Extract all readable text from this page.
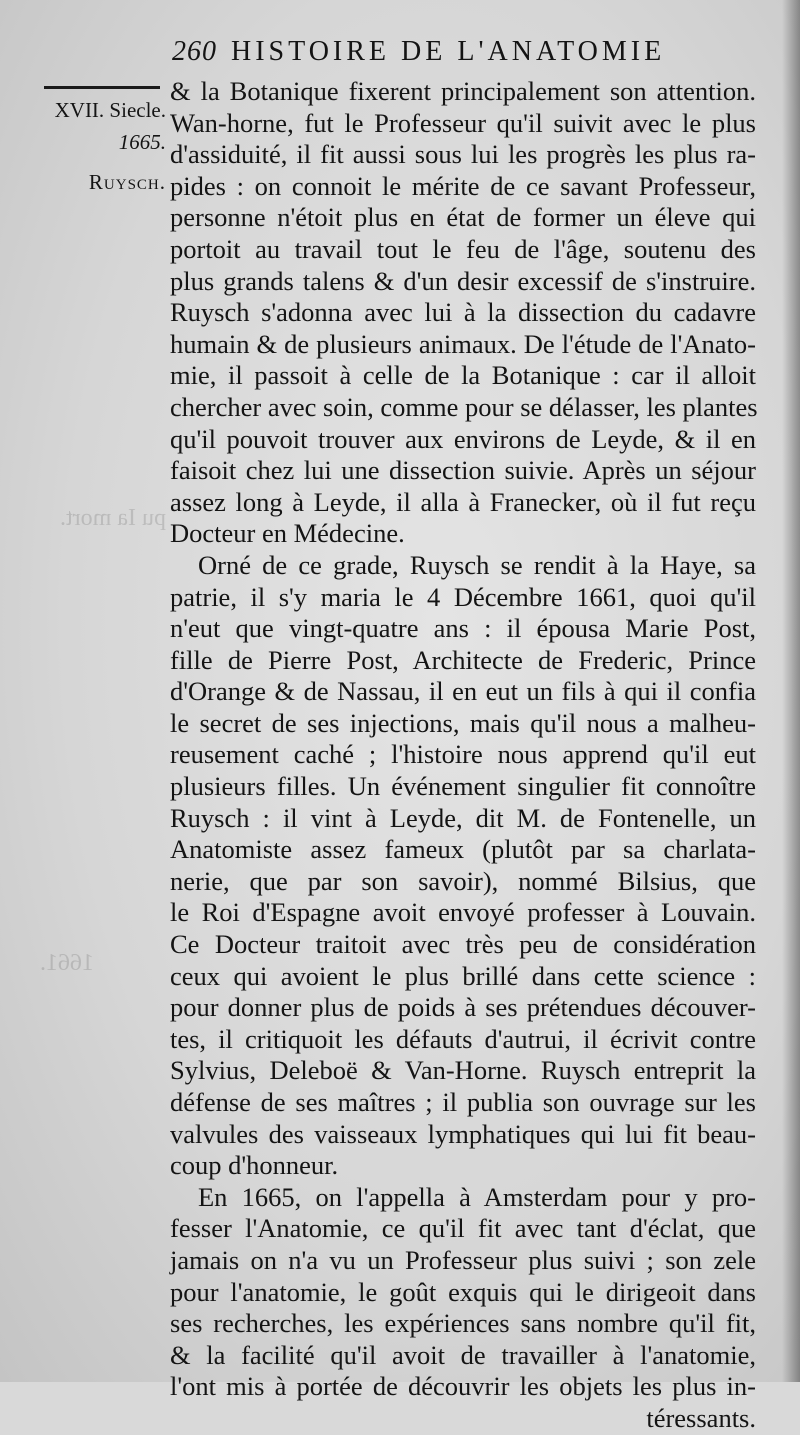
pu Ia mort.
1661.
260 HISTOIRE DE L'ANATOMIE
XVII. Siecle.
1665.
Ruysch.
& la Botanique fixerent principalement son attention.
Wan-horne, fut le Professeur qu'il suivit avec le plus
d'assiduité, il fit aussi sous lui les progrès les plus ra-
pides : on connoit le mérite de ce savant Professeur,
personne n'étoit plus en état de former un éleve qui
portoit au travail tout le feu de l'âge, soutenu des
plus grands talens & d'un desir excessif de s'instruire.
Ruysch s'adonna avec lui à la dissection du cadavre
humain & de plusieurs animaux. De l'étude de l'Anato-
mie, il passoit à celle de la Botanique : car il alloit
chercher avec soin, comme pour se délasser, les plantes
qu'il pouvoit trouver aux environs de Leyde, & il en
faisoit chez lui une dissection suivie. Après un séjour
assez long à Leyde, il alla à Franecker, où il fut reçu
Docteur en Médecine.
Orné de ce grade, Ruysch se rendit à la Haye, sa
patrie, il s'y maria le 4 Décembre 1661, quoi qu'il
n'eut que vingt-quatre ans : il épousa Marie Post,
fille de Pierre Post, Architecte de Frederic, Prince
d'Orange & de Nassau, il en eut un fils à qui il confia
le secret de ses injections, mais qu'il nous a malheu-
reusement caché ; l'histoire nous apprend qu'il eut
plusieurs filles. Un événement singulier fit connoître
Ruysch : il vint à Leyde, dit M. de Fontenelle, un
Anatomiste assez fameux (plutôt par sa charlata-
nerie, que par son savoir), nommé Bilsius, que
le Roi d'Espagne avoit envoyé professer à Louvain.
Ce Docteur traitoit avec très peu de considération
ceux qui avoient le plus brillé dans cette science :
pour donner plus de poids à ses prétendues découver-
tes, il critiquoit les défauts d'autrui, il écrivit contre
Sylvius, Deleboë & Van-Horne. Ruysch entreprit la
défense de ses maîtres ; il publia son ouvrage sur les
valvules des vaisseaux lymphatiques qui lui fit beau-
coup d'honneur.
En 1665, on l'appella à Amsterdam pour y pro-
fesser l'Anatomie, ce qu'il fit avec tant d'éclat, que
jamais on n'a vu un Professeur plus suivi ; son zele
pour l'anatomie, le goût exquis qui le dirigeoit dans
ses recherches, les expériences sans nombre qu'il fit,
& la facilité qu'il avoit de travailler à l'anatomie,
l'ont mis à portée de découvrir les objets les plus in-
téressants.
